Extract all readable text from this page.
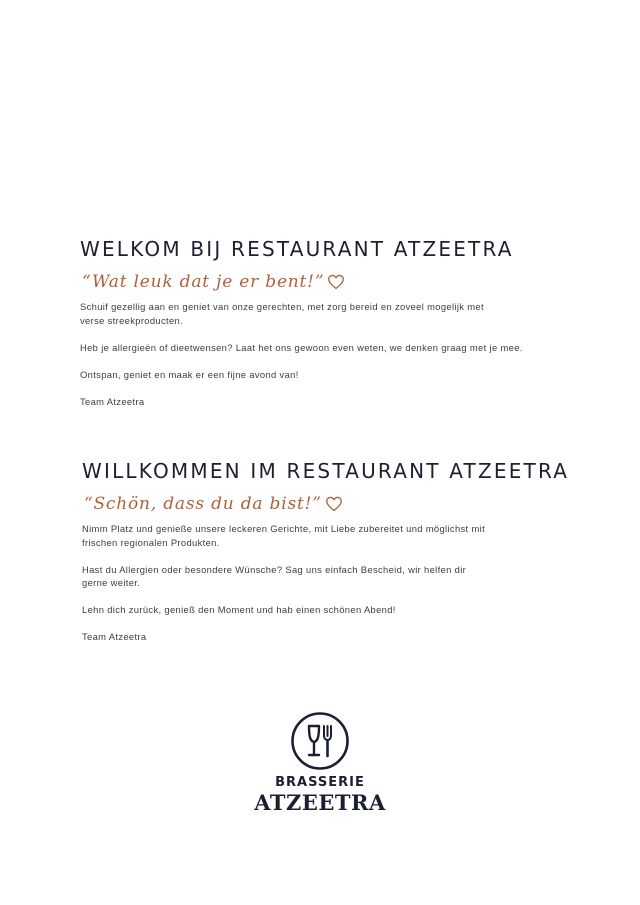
WELKOM BIJ RESTAURANT ATZEETRA
“Wat leuk dat je er bent!”

Schuif gezellig aan en geniet van onze gerechten, met zorg bereid en zoveel mogelijk met verse streekproducten.

Heb je allergieën of dieetwensen? Laat het ons gewoon even weten, we denken graag met je mee.

Ontspan, geniet en maak er een fijne avond van!

Team Atzeetra

WILLKOMMEN IM RESTAURANT ATZEETRA
“Schön, dass du da bist!”

Nimm Platz und genieße unsere leckeren Gerichte, mit Liebe zubereitet und möglichst mit frischen regionalen Produkten.

Hast du Allergien oder besondere Wünsche? Sag uns einfach Bescheid, wir helfen dir gerne weiter.

Lehn dich zurück, genieß den Moment und hab einen schönen Abend!

Team Atzeetra

BRASSERIE
ATZEETRA
